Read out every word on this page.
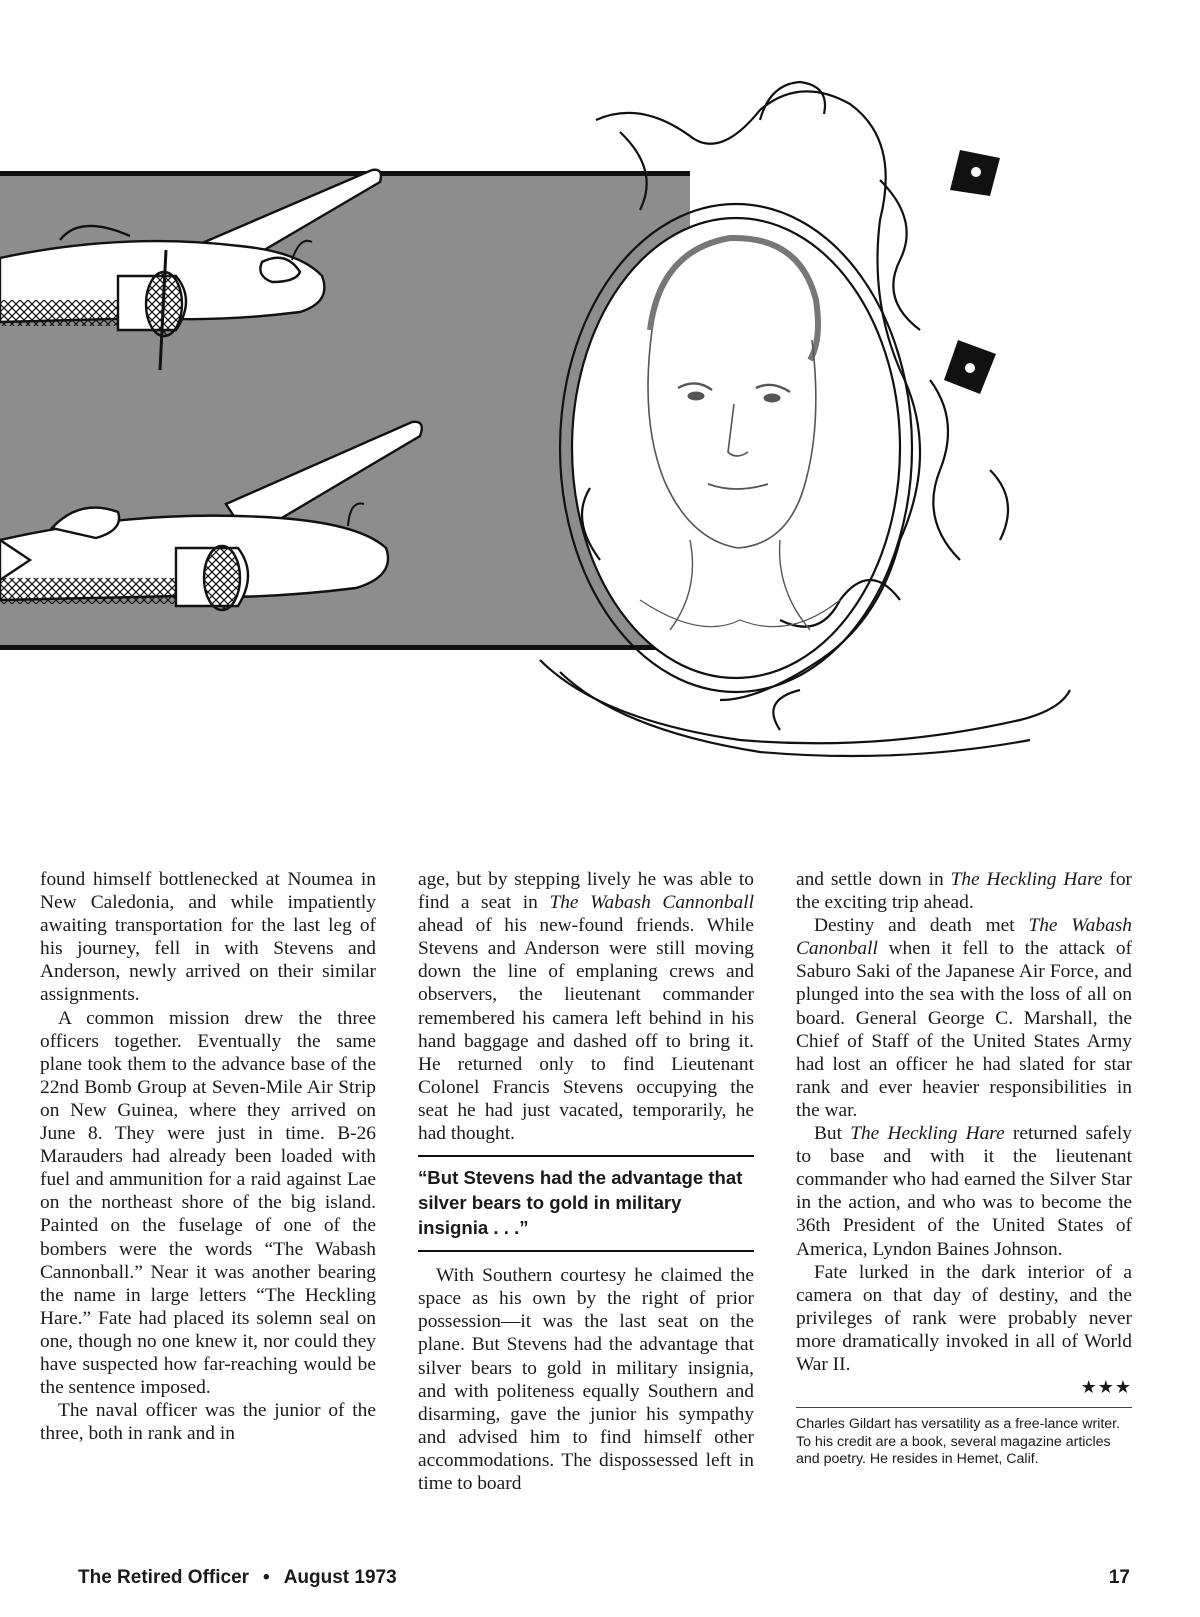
found himself bottlenecked at Noumea in New Caledonia, and while impatiently awaiting transportation for the last leg of his journey, fell in with Stevens and Anderson, newly arrived on their similar assignments.

A common mission drew the three officers together. Eventually the same plane took them to the advance base of the 22nd Bomb Group at Seven-Mile Air Strip on New Guinea, where they arrived on June 8. They were just in time. B-26 Marauders had already been loaded with fuel and ammunition for a raid against Lae on the northeast shore of the big island. Painted on the fuselage of one of the bombers were the words “The Wabash Cannonball.” Near it was another bearing the name in large letters “The Heckling Hare.” Fate had placed its solemn seal on one, though no one knew it, nor could they have suspected how far-reaching would be the sentence imposed.

The naval officer was the junior of the three, both in rank and in

age, but by stepping lively he was able to find a seat in The Wabash Cannonball ahead of his new-found friends. While Stevens and Anderson were still moving down the line of emplaning crews and observers, the lieutenant commander remembered his camera left behind in his hand baggage and dashed off to bring it. He returned only to find Lieutenant Colonel Francis Stevens occupying the seat he had just vacated, temporarily, he had thought.

“But Stevens had the advantage that silver bears to gold in military insignia . . .”

With Southern courtesy he claimed the space as his own by the right of prior possession—it was the last seat on the plane. But Stevens had the advantage that silver bears to gold in military insignia, and with politeness equally Southern and disarming, gave the junior his sympathy and advised him to find himself other accommodations. The dispossessed left in time to board

and settle down in The Heckling Hare for the exciting trip ahead.

Destiny and death met The Wabash Canonball when it fell to the attack of Saburo Saki of the Japanese Air Force, and plunged into the sea with the loss of all on board. General George C. Marshall, the Chief of Staff of the United States Army had lost an officer he had slated for star rank and ever heavier responsibilities in the war.

But The Heckling Hare returned safely to base and with it the lieutenant commander who had earned the Silver Star in the action, and who was to become the 36th President of the United States of America, Lyndon Baines Johnson.

Fate lurked in the dark interior of a camera on that day of destiny, and the privileges of rank were probably never more dramatically invoked in all of World War II.

★★★
Charles Gildart has versatility as a free-lance writer. To his credit are a book, several magazine articles and poetry. He resides in Hemet, Calif.
The Retired Officer • August 1973	17
